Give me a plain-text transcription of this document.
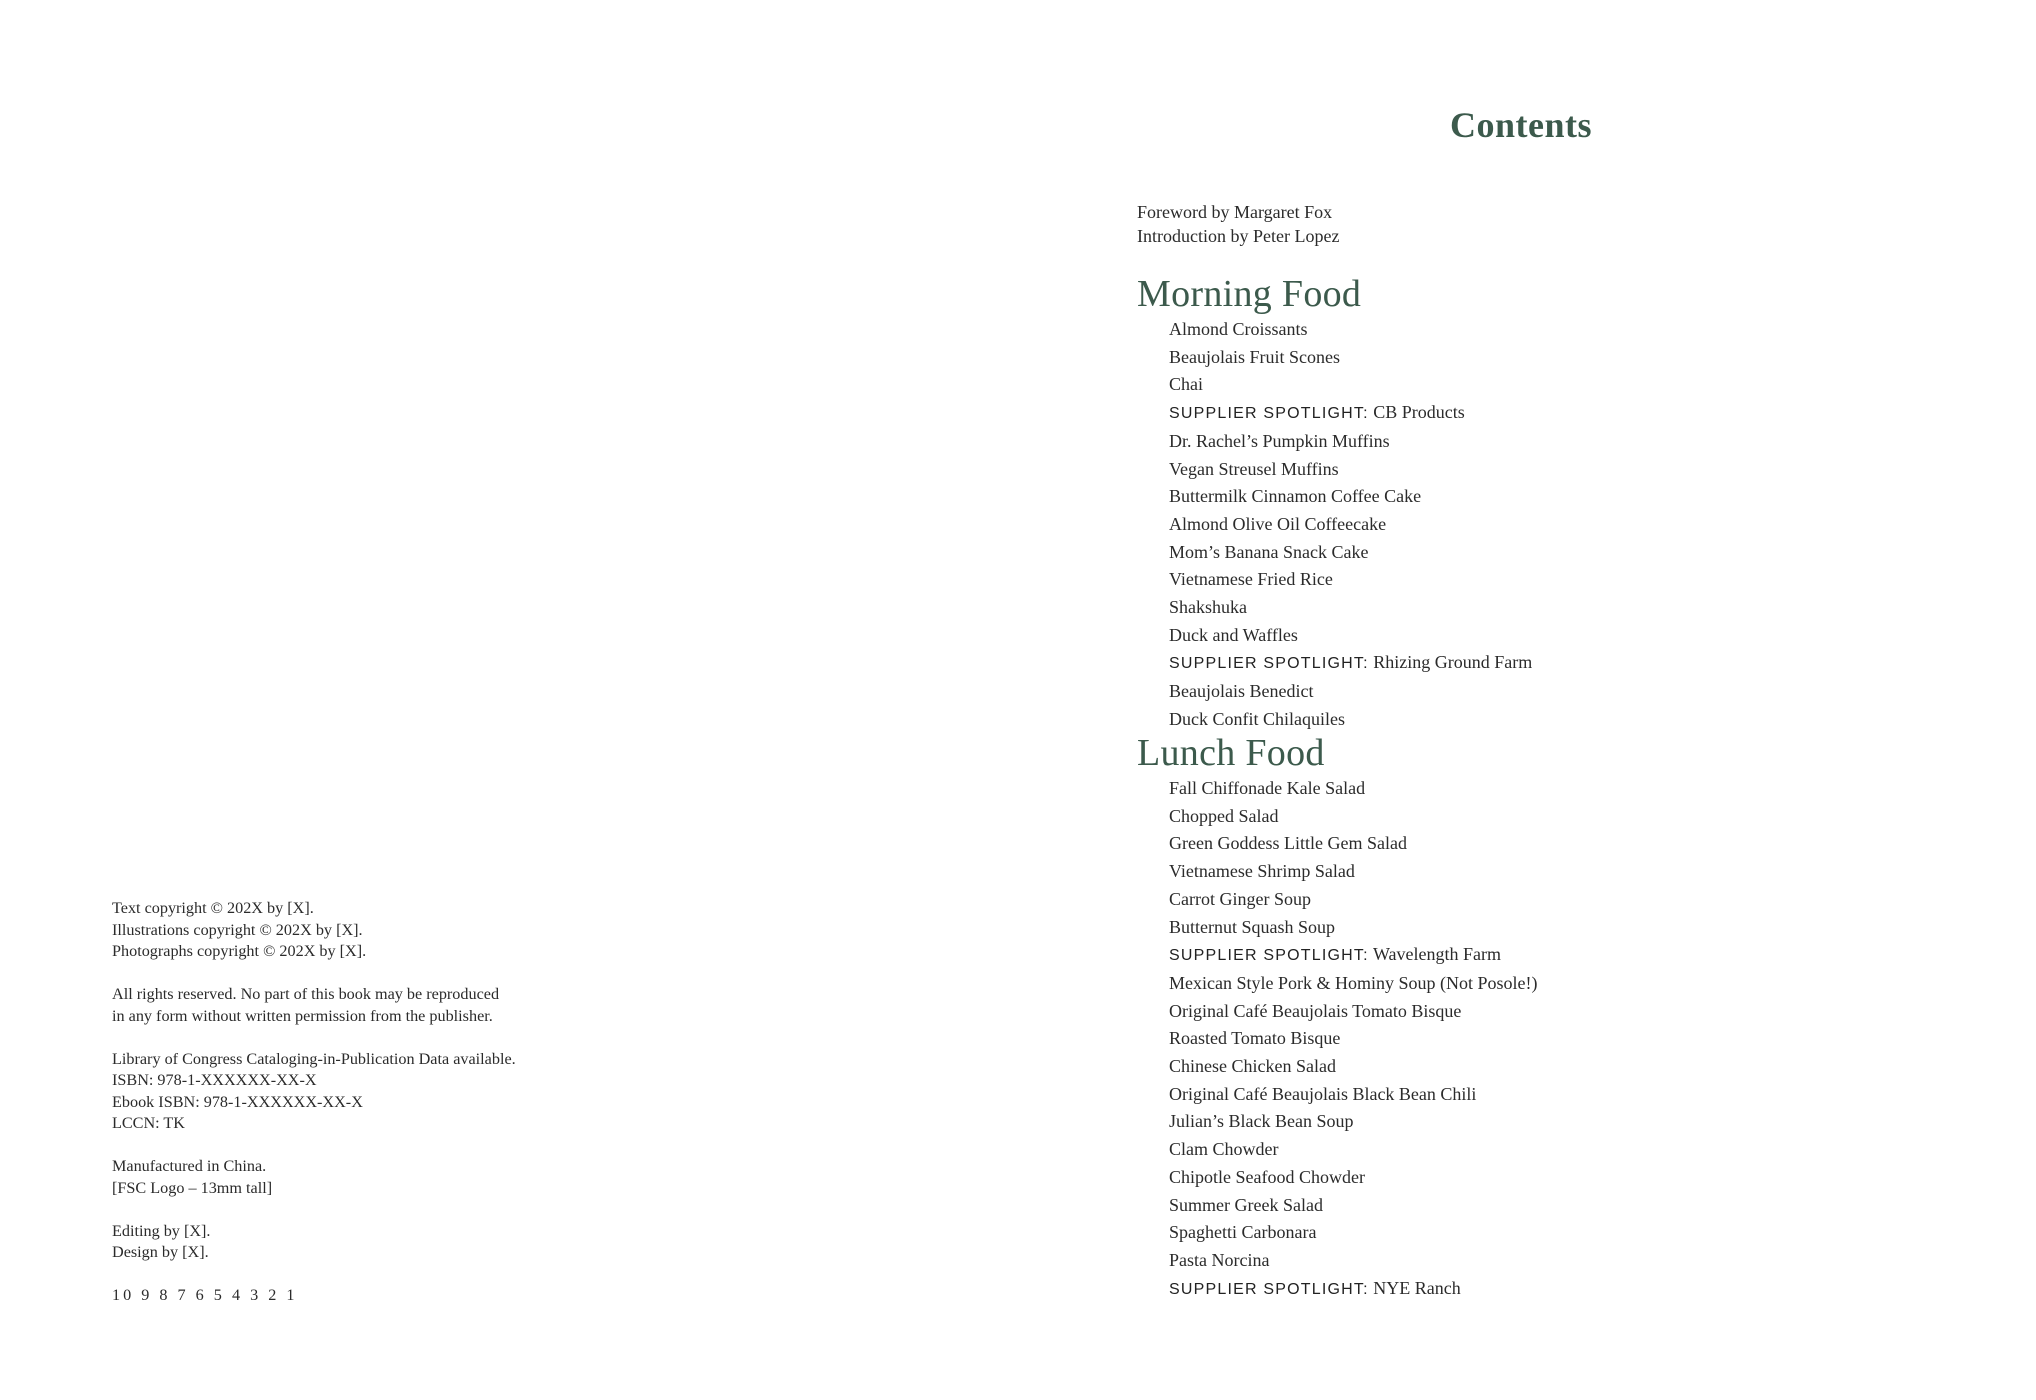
Text copyright © 202X by [X].
Illustrations copyright © 202X by [X].
Photographs copyright © 202X by [X].
All rights reserved. No part of this book may be reproduced
in any form without written permission from the publisher.
Library of Congress Cataloging-in-Publication Data available.
ISBN: 978-1-XXXXXX-XX-X
Ebook ISBN: 978-1-XXXXXX-XX-X
LCCN: TK
Manufactured in China.
[FSC Logo – 13mm tall]
Editing by [X].
Design by [X].
10 9 8 7 6 5 4 3 2 1
Contents
Foreword by Margaret Fox
Introduction by Peter Lopez
Morning Food
Almond Croissants
Beaujolais Fruit Scones
Chai
SUPPLIER SPOTLIGHT: CB Products
Dr. Rachel’s Pumpkin Muffins
Vegan Streusel Muffins
Buttermilk Cinnamon Coffee Cake
Almond Olive Oil Coffeecake
Mom’s Banana Snack Cake
Vietnamese Fried Rice
Shakshuka
Duck and Waffles
SUPPLIER SPOTLIGHT: Rhizing Ground Farm
Beaujolais Benedict
Duck Confit Chilaquiles
Lunch Food
Fall Chiffonade Kale Salad
Chopped Salad
Green Goddess Little Gem Salad
Vietnamese Shrimp Salad
Carrot Ginger Soup
Butternut Squash Soup
SUPPLIER SPOTLIGHT: Wavelength Farm
Mexican Style Pork & Hominy Soup (Not Posole!)
Original Café Beaujolais Tomato Bisque
Roasted Tomato Bisque
Chinese Chicken Salad
Original Café Beaujolais Black Bean Chili
Julian’s Black Bean Soup
Clam Chowder
Chipotle Seafood Chowder
Summer Greek Salad
Spaghetti Carbonara
Pasta Norcina
SUPPLIER SPOTLIGHT: NYE Ranch
